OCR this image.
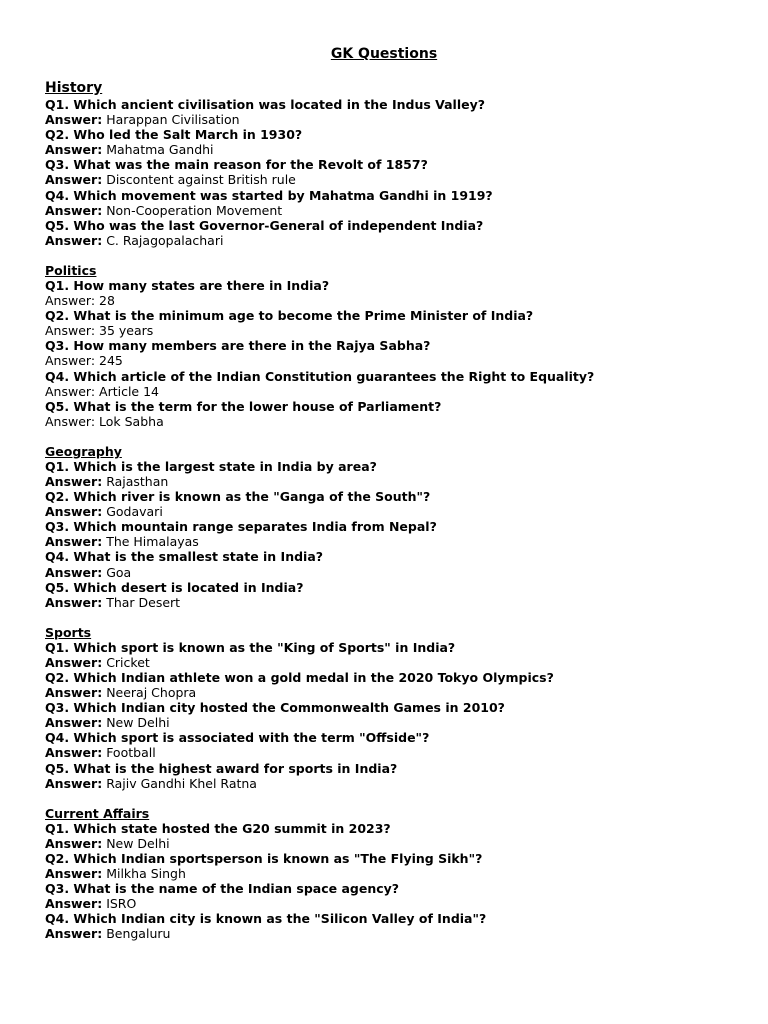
GK Questions
History
Q1. Which ancient civilisation was located in the Indus Valley?
Answer: Harappan Civilisation
Q2. Who led the Salt March in 1930?
Answer: Mahatma Gandhi
Q3. What was the main reason for the Revolt of 1857?
Answer: Discontent against British rule
Q4. Which movement was started by Mahatma Gandhi in 1919?
Answer: Non-Cooperation Movement
Q5. Who was the last Governor-General of independent India?
Answer: C. Rajagopalachari
Politics
Q1. How many states are there in India?
Answer: 28
Q2. What is the minimum age to become the Prime Minister of India?
Answer: 35 years
Q3. How many members are there in the Rajya Sabha?
Answer: 245
Q4. Which article of the Indian Constitution guarantees the Right to Equality?
Answer: Article 14
Q5. What is the term for the lower house of Parliament?
Answer: Lok Sabha
Geography
Q1. Which is the largest state in India by area?
Answer: Rajasthan
Q2. Which river is known as the "Ganga of the South"?
Answer: Godavari
Q3. Which mountain range separates India from Nepal?
Answer: The Himalayas
Q4. What is the smallest state in India?
Answer: Goa
Q5. Which desert is located in India?
Answer: Thar Desert
Sports
Q1. Which sport is known as the "King of Sports" in India?
Answer: Cricket
Q2. Which Indian athlete won a gold medal in the 2020 Tokyo Olympics?
Answer: Neeraj Chopra
Q3. Which Indian city hosted the Commonwealth Games in 2010?
Answer: New Delhi
Q4. Which sport is associated with the term "Offside"?
Answer: Football
Q5. What is the highest award for sports in India?
Answer: Rajiv Gandhi Khel Ratna
Current Affairs
Q1. Which state hosted the G20 summit in 2023?
Answer: New Delhi
Q2. Which Indian sportsperson is known as "The Flying Sikh"?
Answer: Milkha Singh
Q3. What is the name of the Indian space agency?
Answer: ISRO
Q4. Which Indian city is known as the "Silicon Valley of India"?
Answer: Bengaluru
